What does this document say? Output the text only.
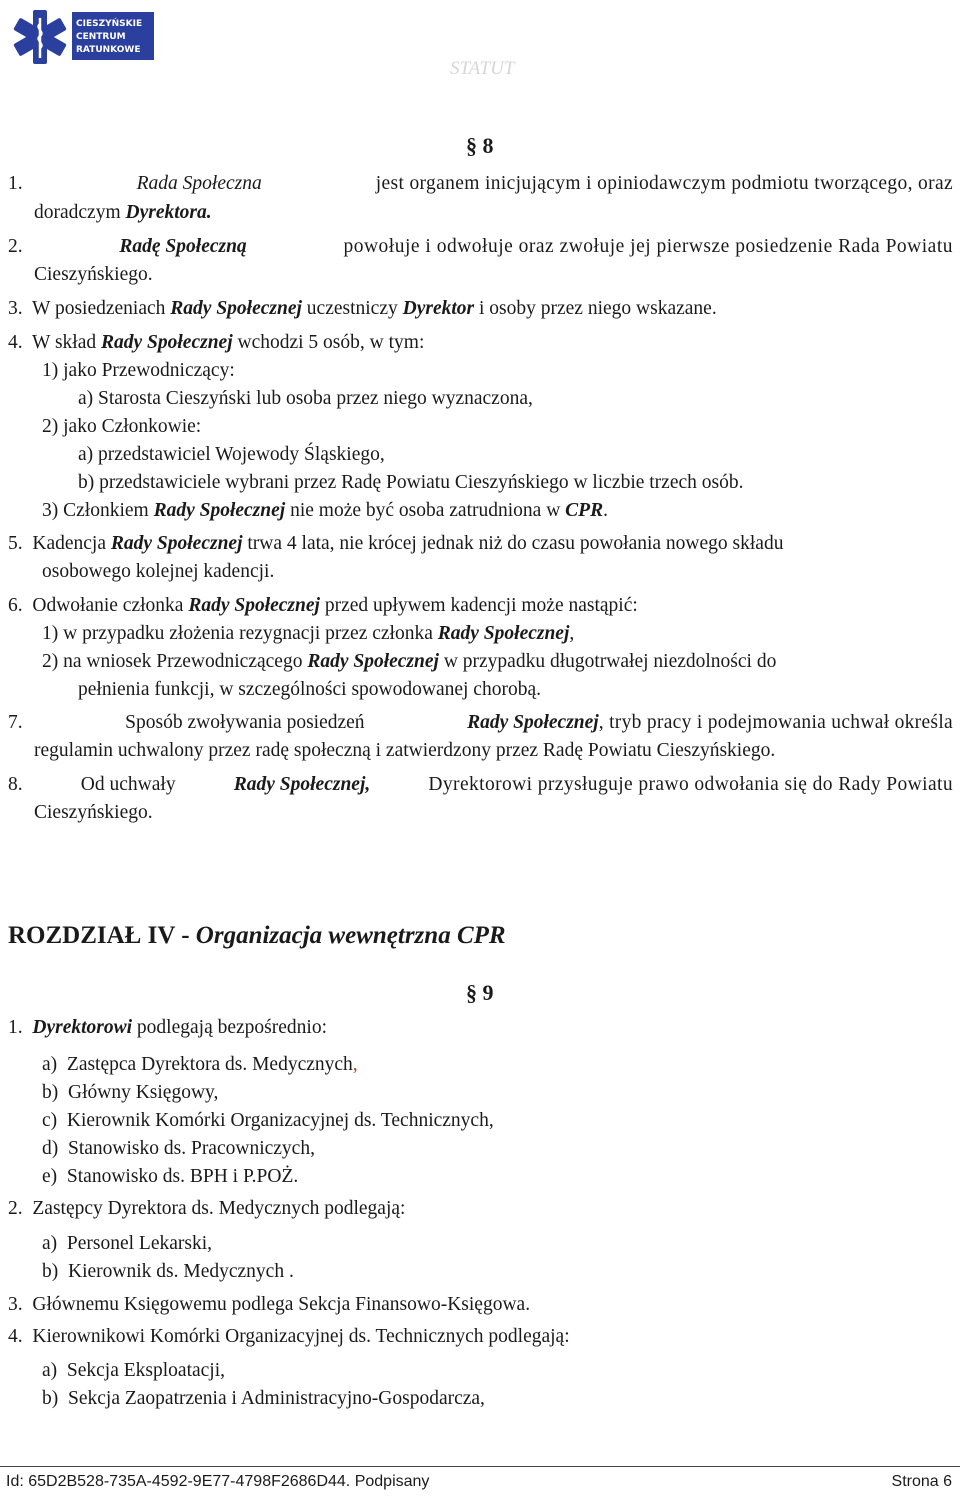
CIESZYŃSKIE
CENTRUM
RATUNKOWE
STATUT
§ 8
1.	Rada Społeczna	jest organem inicjującym i opiniodawczym podmiotu tworzącego, oraz
doradczym Dyrektora.
2.	Radę Społeczną	powołuje i odwołuje oraz zwołuje jej pierwsze posiedzenie Rada Powiatu
Cieszyńskiego.
3. W posiedzeniach Rady Społecznej uczestniczy Dyrektor i osoby przez niego wskazane.
4. W skład Rady Społecznej wchodzi 5 osób, w tym:
1) jako Przewodniczący:
a) Starosta Cieszyński lub osoba przez niego wyznaczona,
2) jako Członkowie:
a) przedstawiciel Wojewody Śląskiego,
b) przedstawiciele wybrani przez Radę Powiatu Cieszyńskiego w liczbie trzech osób.
3) Członkiem Rady Społecznej nie może być osoba zatrudniona w CPR.
5. Kadencja Rady Społecznej trwa 4 lata, nie krócej jednak niż do czasu powołania nowego składu
osobowego kolejnej kadencji.
6. Odwołanie członka Rady Społecznej przed upływem kadencji może nastąpić:
1) w przypadku złożenia rezygnacji przez członka Rady Społecznej,
2) na wniosek Przewodniczącego Rady Społecznej w przypadku długotrwałej niezdolności do
pełnienia funkcji, w szczególności spowodowanej chorobą.
7.	Sposób zwoływania posiedzeń	Rady Społecznej, tryb pracy i podejmowania uchwał określa
regulamin uchwalony przez radę społeczną i zatwierdzony przez Radę Powiatu Cieszyńskiego.
8.	Od uchwały	Rady Społecznej,	Dyrektorowi przysługuje prawo odwołania się do Rady Powiatu
Cieszyńskiego.
ROZDZIAŁ IV - Organizacja wewnętrzna CPR
§ 9
1. Dyrektorowi podlegają bezpośrednio:
a) Zastępca Dyrektora ds. Medycznych,
b) Główny Księgowy,
c) Kierownik Komórki Organizacyjnej ds. Technicznych,
d) Stanowisko ds. Pracowniczych,
e) Stanowisko ds. BPH i P.POŻ.
2. Zastępcy Dyrektora ds. Medycznych podlegają:
a) Personel Lekarski,
b) Kierownik ds. Medycznych .
3. Głównemu Księgowemu podlega Sekcja Finansowo-Księgowa.
4. Kierownikowi Komórki Organizacyjnej ds. Technicznych podlegają:
a) Sekcja Eksploatacji,
b) Sekcja Zaopatrzenia i Administracyjno-Gospodarcza,
Id: 65D2B528-735A-4592-9E77-4798F2686D44. Podpisany	Strona 6
